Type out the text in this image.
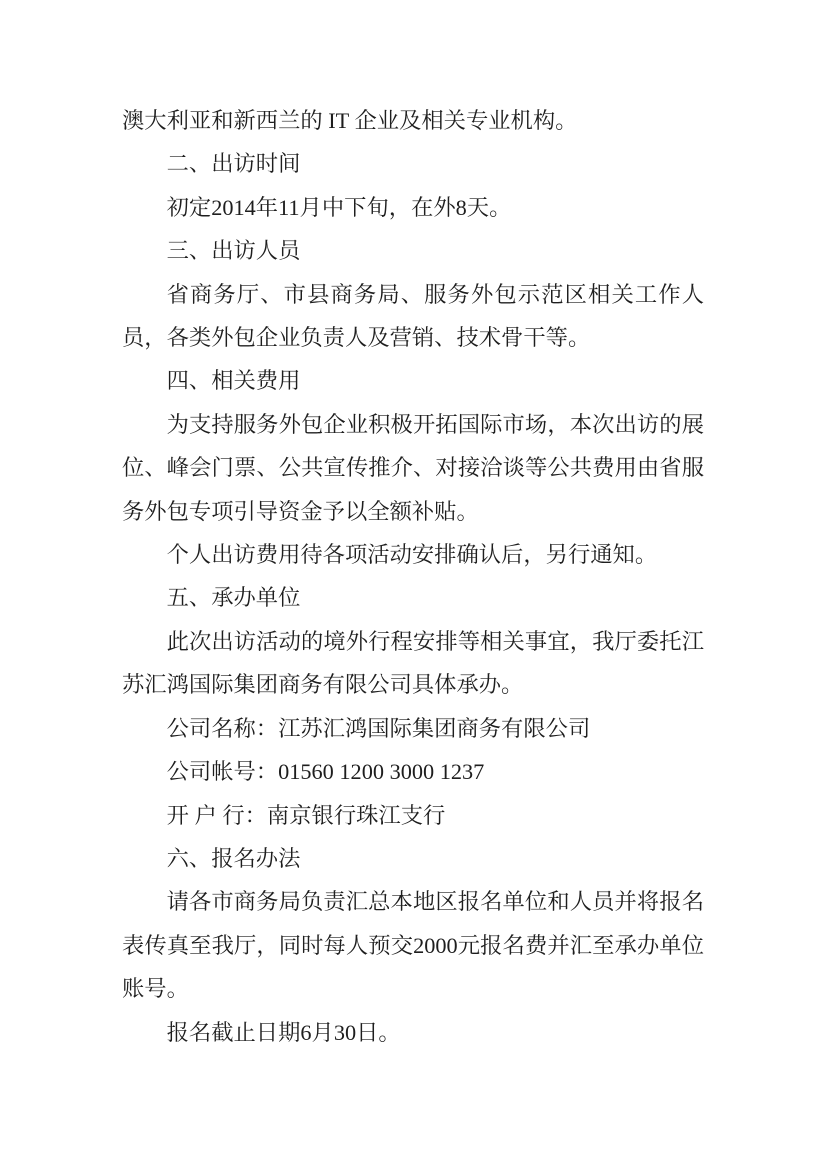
澳大利亚和新西兰的 IT 企业及相关专业机构。

二、出访时间

初定2014年11月中下旬，在外8天。

三、出访人员

省商务厅、市县商务局、服务外包示范区相关工作人员，各类外包企业负责人及营销、技术骨干等。

四、相关费用

为支持服务外包企业积极开拓国际市场，本次出访的展位、峰会门票、公共宣传推介、对接洽谈等公共费用由省服务外包专项引导资金予以全额补贴。

个人出访费用待各项活动安排确认后，另行通知。

五、承办单位

此次出访活动的境外行程安排等相关事宜，我厅委托江苏汇鸿国际集团商务有限公司具体承办。

公司名称：江苏汇鸿国际集团商务有限公司

公司帐号：01560 1200 3000 1237

开 户 行：南京银行珠江支行

六、报名办法

请各市商务局负责汇总本地区报名单位和人员并将报名表传真至我厅，同时每人预交2000元报名费并汇至承办单位账号。

报名截止日期6月30日。
